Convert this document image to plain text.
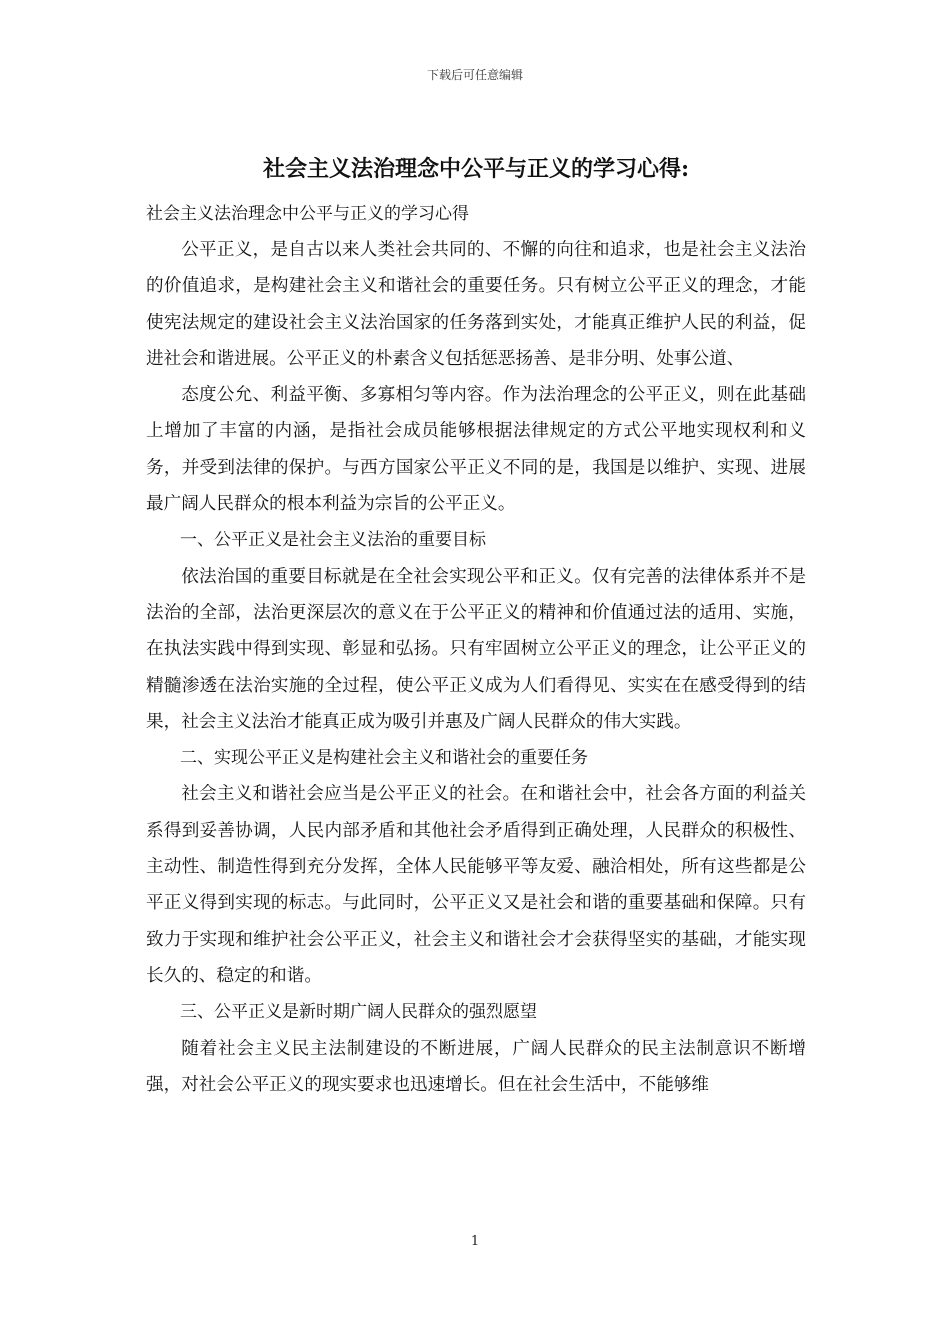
下载后可任意编辑
社会主义法治理念中公平与正义的学习心得:

社会主义法治理念中公平与正义的学习心得

公平正义，是自古以来人类社会共同的、不懈的向往和追求，也是社会主义法治的价值追求，是构建社会主义和谐社会的重要任务。只有树立公平正义的理念，才能使宪法规定的建设社会主义法治国家的任务落到实处，才能真正维护人民的利益，促进社会和谐进展。公平正义的朴素含义包括惩恶扬善、是非分明、处事公道、

态度公允、利益平衡、多寡相匀等内容。作为法治理念的公平正义，则在此基础上增加了丰富的内涵，是指社会成员能够根据法律规定的方式公平地实现权利和义务，并受到法律的保护。与西方国家公平正义不同的是，我国是以维护、实现、进展最广阔人民群众的根本利益为宗旨的公平正义。

一、公平正义是社会主义法治的重要目标

依法治国的重要目标就是在全社会实现公平和正义。仅有完善的法律体系并不是法治的全部，法治更深层次的意义在于公平正义的精神和价值通过法的适用、实施，在执法实践中得到实现、彰显和弘扬。只有牢固树立公平正义的理念，让公平正义的精髓渗透在法治实施的全过程，使公平正义成为人们看得见、实实在在感受得到的结果，社会主义法治才能真正成为吸引并惠及广阔人民群众的伟大实践。

二、实现公平正义是构建社会主义和谐社会的重要任务

社会主义和谐社会应当是公平正义的社会。在和谐社会中，社会各方面的利益关系得到妥善协调，人民内部矛盾和其他社会矛盾得到正确处理，人民群众的积极性、主动性、制造性得到充分发挥，全体人民能够平等友爱、融洽相处，所有这些都是公平正义得到实现的标志。与此同时，公平正义又是社会和谐的重要基础和保障。只有致力于实现和维护社会公平正义，社会主义和谐社会才会获得坚实的基础，才能实现长久的、稳定的和谐。

三、公平正义是新时期广阔人民群众的强烈愿望

随着社会主义民主法制建设的不断进展，广阔人民群众的民主法制意识不断增强，对社会公平正义的现实要求也迅速增长。但在社会生活中，不能够维

1
